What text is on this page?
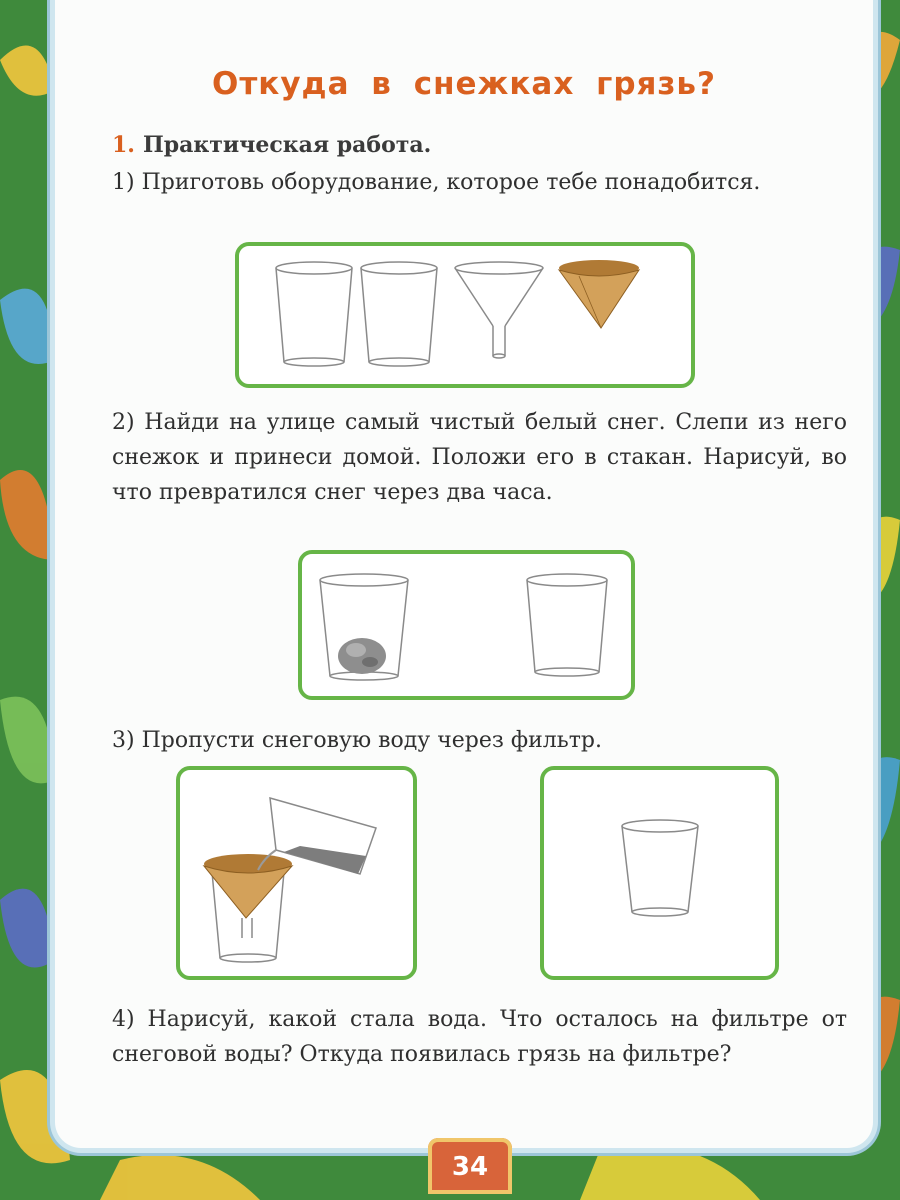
Откуда в снежках грязь?
1. Практическая работа.
1) Приготовь оборудование, которое тебе понадобится.
2) Найди на улице самый чистый белый снег. Слепи из него снежок и принеси домой. Положи его в стакан. Нарисуй, во что превратился снег через два часа.
3) Пропусти снеговую воду через фильтр.
4) Нарисуй, какой стала вода. Что осталось на фильтре от снеговой воды? Откуда появилась грязь на фильтре?
34
